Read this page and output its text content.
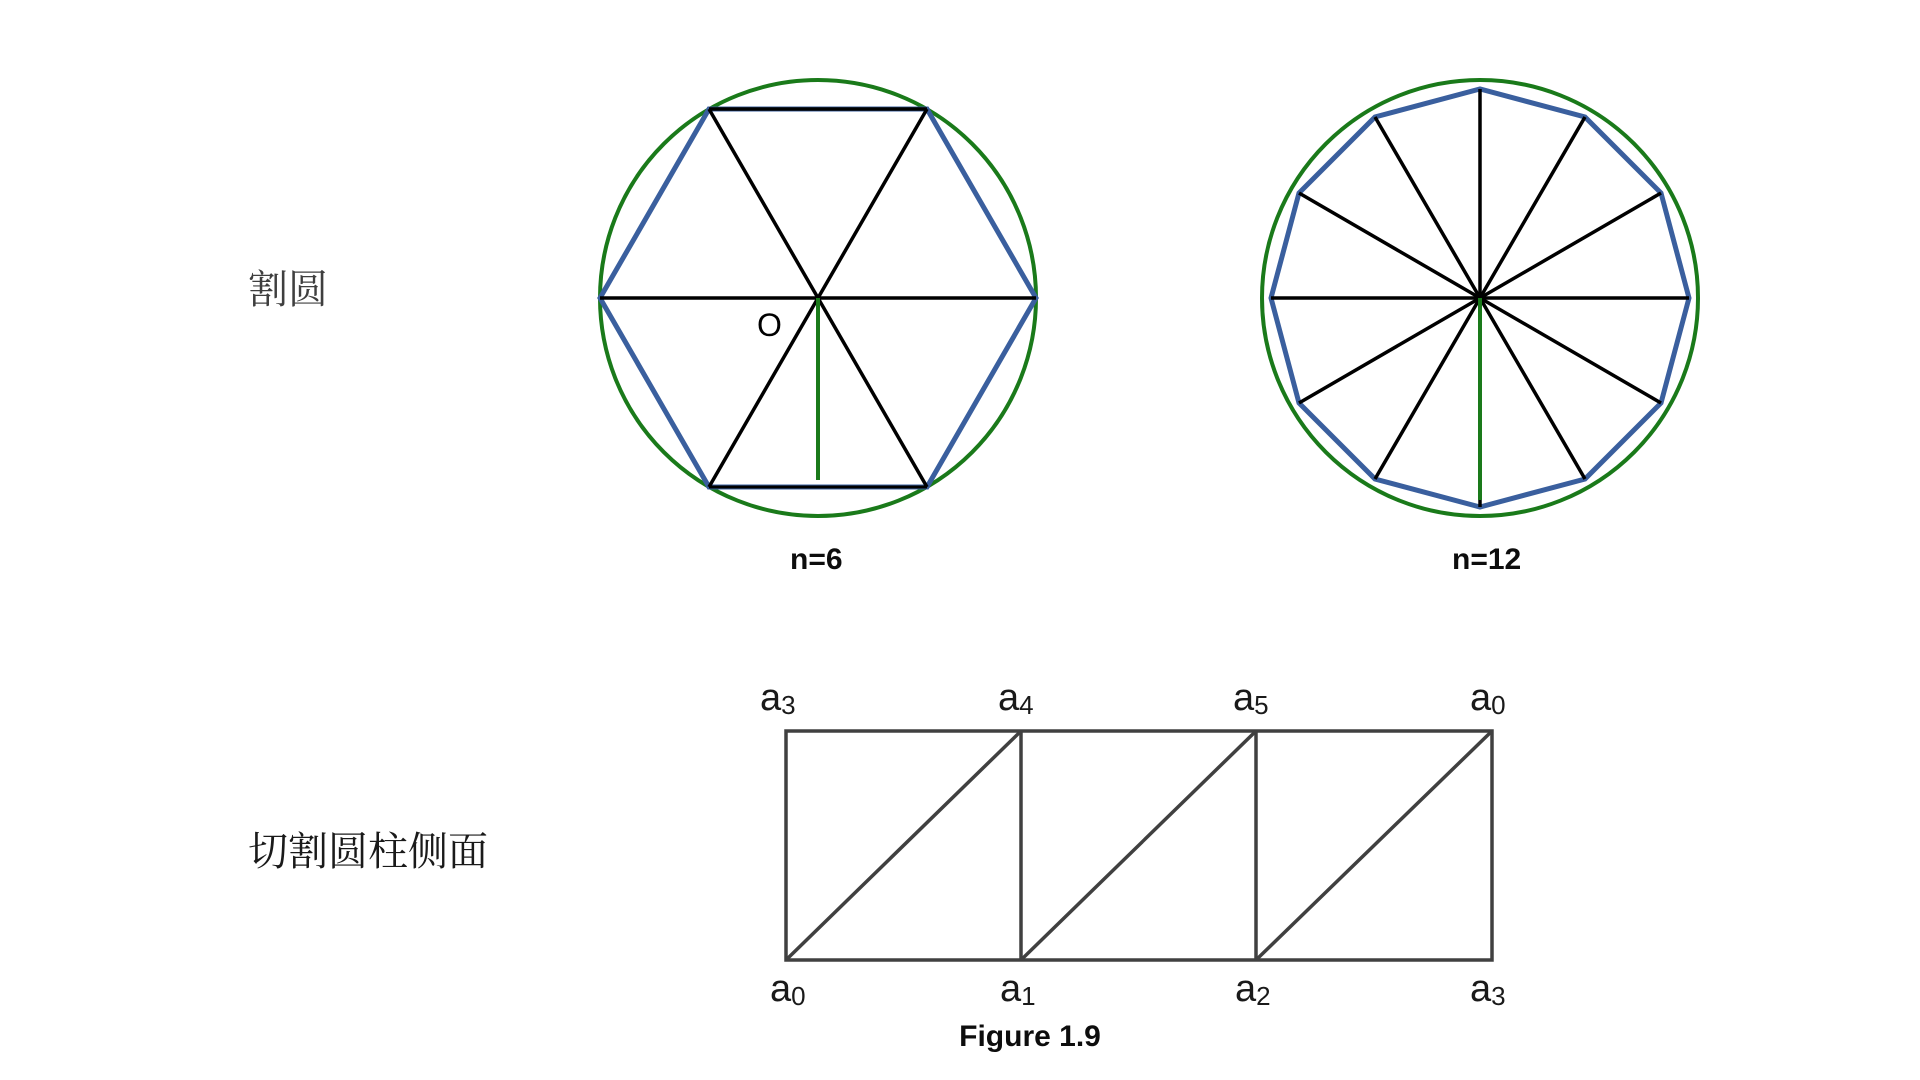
割圆
切割圆柱侧面
O
n=6	n=12
$a_3$	$a_4$	$a_5$	$a_0$
$a_0$	$a_1$	$a_2$	$a_3$
Figure 1.9
